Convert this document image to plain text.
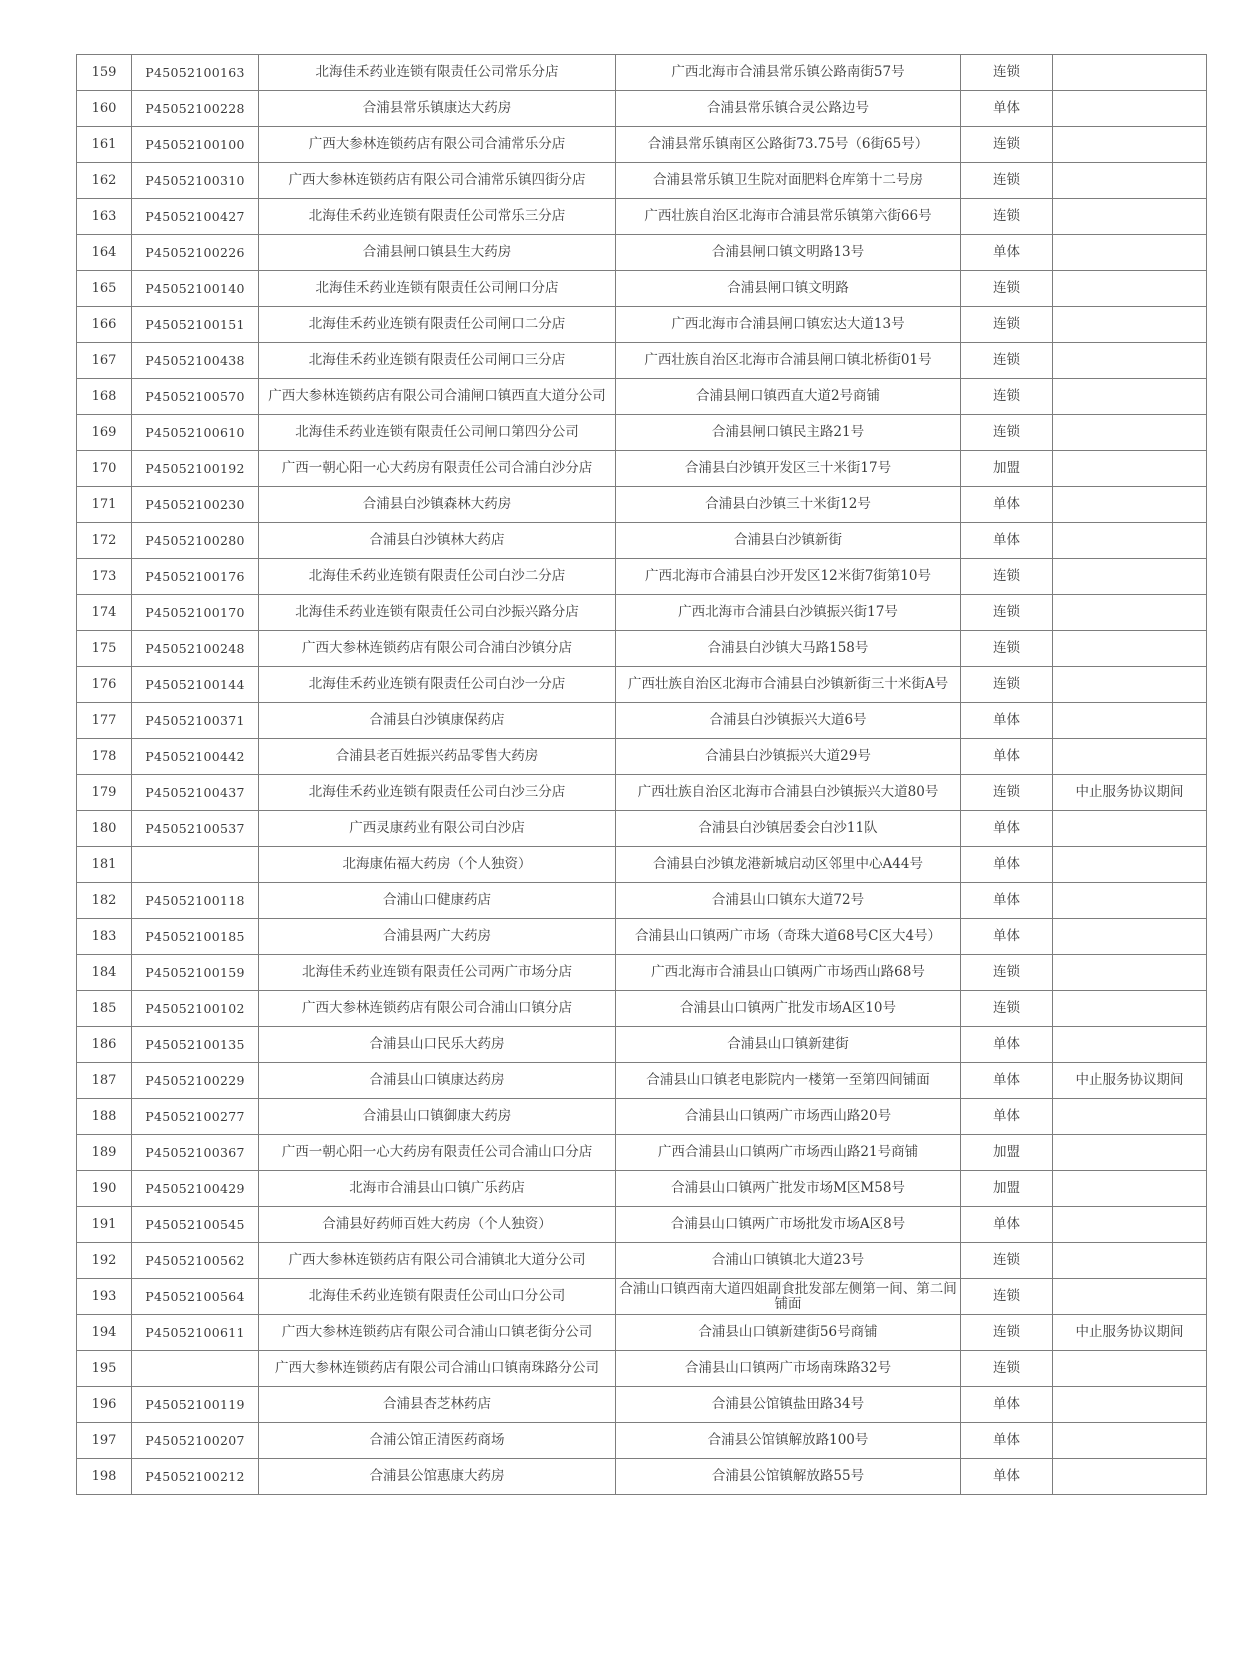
159	P45052100163	北海佳禾药业连锁有限责任公司常乐分店	广西北海市合浦县常乐镇公路南街57号	连锁	
160	P45052100228	合浦县常乐镇康达大药房	合浦县常乐镇合灵公路边号	单体	
161	P45052100100	广西大参林连锁药店有限公司合浦常乐分店	合浦县常乐镇南区公路街73.75号（6街65号）	连锁	
162	P45052100310	广西大参林连锁药店有限公司合浦常乐镇四街分店	合浦县常乐镇卫生院对面肥料仓库第十二号房	连锁	
163	P45052100427	北海佳禾药业连锁有限责任公司常乐三分店	广西壮族自治区北海市合浦县常乐镇第六街66号	连锁	
164	P45052100226	合浦县闸口镇县生大药房	合浦县闸口镇文明路13号	单体	
165	P45052100140	北海佳禾药业连锁有限责任公司闸口分店	合浦县闸口镇文明路	连锁	
166	P45052100151	北海佳禾药业连锁有限责任公司闸口二分店	广西北海市合浦县闸口镇宏达大道13号	连锁	
167	P45052100438	北海佳禾药业连锁有限责任公司闸口三分店	广西壮族自治区北海市合浦县闸口镇北桥街01号	连锁	
168	P45052100570	广西大参林连锁药店有限公司合浦闸口镇西直大道分公司	合浦县闸口镇西直大道2号商铺	连锁	
169	P45052100610	北海佳禾药业连锁有限责任公司闸口第四分公司	合浦县闸口镇民主路21号	连锁	
170	P45052100192	广西一朝心阳一心大药房有限责任公司合浦白沙分店	合浦县白沙镇开发区三十米街17号	加盟	
171	P45052100230	合浦县白沙镇森林大药房	合浦县白沙镇三十米街12号	单体	
172	P45052100280	合浦县白沙镇林大药店	合浦县白沙镇新街	单体	
173	P45052100176	北海佳禾药业连锁有限责任公司白沙二分店	广西北海市合浦县白沙开发区12米街7街第10号	连锁	
174	P45052100170	北海佳禾药业连锁有限责任公司白沙振兴路分店	广西北海市合浦县白沙镇振兴街17号	连锁	
175	P45052100248	广西大参林连锁药店有限公司合浦白沙镇分店	合浦县白沙镇大马路158号	连锁	
176	P45052100144	北海佳禾药业连锁有限责任公司白沙一分店	广西壮族自治区北海市合浦县白沙镇新街三十米街A号	连锁	
177	P45052100371	合浦县白沙镇康保药店	合浦县白沙镇振兴大道6号	单体	
178	P45052100442	合浦县老百姓振兴药品零售大药房	合浦县白沙镇振兴大道29号	单体	
179	P45052100437	北海佳禾药业连锁有限责任公司白沙三分店	广西壮族自治区北海市合浦县白沙镇振兴大道80号	连锁	中止服务协议期间
180	P45052100537	广西灵康药业有限公司白沙店	合浦县白沙镇居委会白沙11队	单体	
181		北海康佑福大药房（个人独资）	合浦县白沙镇龙港新城启动区邻里中心A44号	单体	
182	P45052100118	合浦山口健康药店	合浦县山口镇东大道72号	单体	
183	P45052100185	合浦县两广大药房	合浦县山口镇两广市场（奇珠大道68号C区大4号）	单体	
184	P45052100159	北海佳禾药业连锁有限责任公司两广市场分店	广西北海市合浦县山口镇两广市场西山路68号	连锁	
185	P45052100102	广西大参林连锁药店有限公司合浦山口镇分店	合浦县山口镇两广批发市场A区10号	连锁	
186	P45052100135	合浦县山口民乐大药房	合浦县山口镇新建街	单体	
187	P45052100229	合浦县山口镇康达药房	合浦县山口镇老电影院内一楼第一至第四间铺面	单体	中止服务协议期间
188	P45052100277	合浦县山口镇御康大药房	合浦县山口镇两广市场西山路20号	单体	
189	P45052100367	广西一朝心阳一心大药房有限责任公司合浦山口分店	广西合浦县山口镇两广市场西山路21号商铺	加盟	
190	P45052100429	北海市合浦县山口镇广乐药店	合浦县山口镇两广批发市场M区M58号	加盟	
191	P45052100545	合浦县好药师百姓大药房（个人独资）	合浦县山口镇两广市场批发市场A区8号	单体	
192	P45052100562	广西大参林连锁药店有限公司合浦镇北大道分公司	合浦山口镇镇北大道23号	连锁	
193	P45052100564	北海佳禾药业连锁有限责任公司山口分公司	合浦山口镇西南大道四姐副食批发部左侧第一间、第二间铺面	连锁	
194	P45052100611	广西大参林连锁药店有限公司合浦山口镇老街分公司	合浦县山口镇新建街56号商铺	连锁	中止服务协议期间
195		广西大参林连锁药店有限公司合浦山口镇南珠路分公司	合浦县山口镇两广市场南珠路32号	连锁	
196	P45052100119	合浦县杏芝林药店	合浦县公馆镇盐田路34号	单体	
197	P45052100207	合浦公馆正清医药商场	合浦县公馆镇解放路100号	单体	
198	P45052100212	合浦县公馆惠康大药房	合浦县公馆镇解放路55号	单体	
